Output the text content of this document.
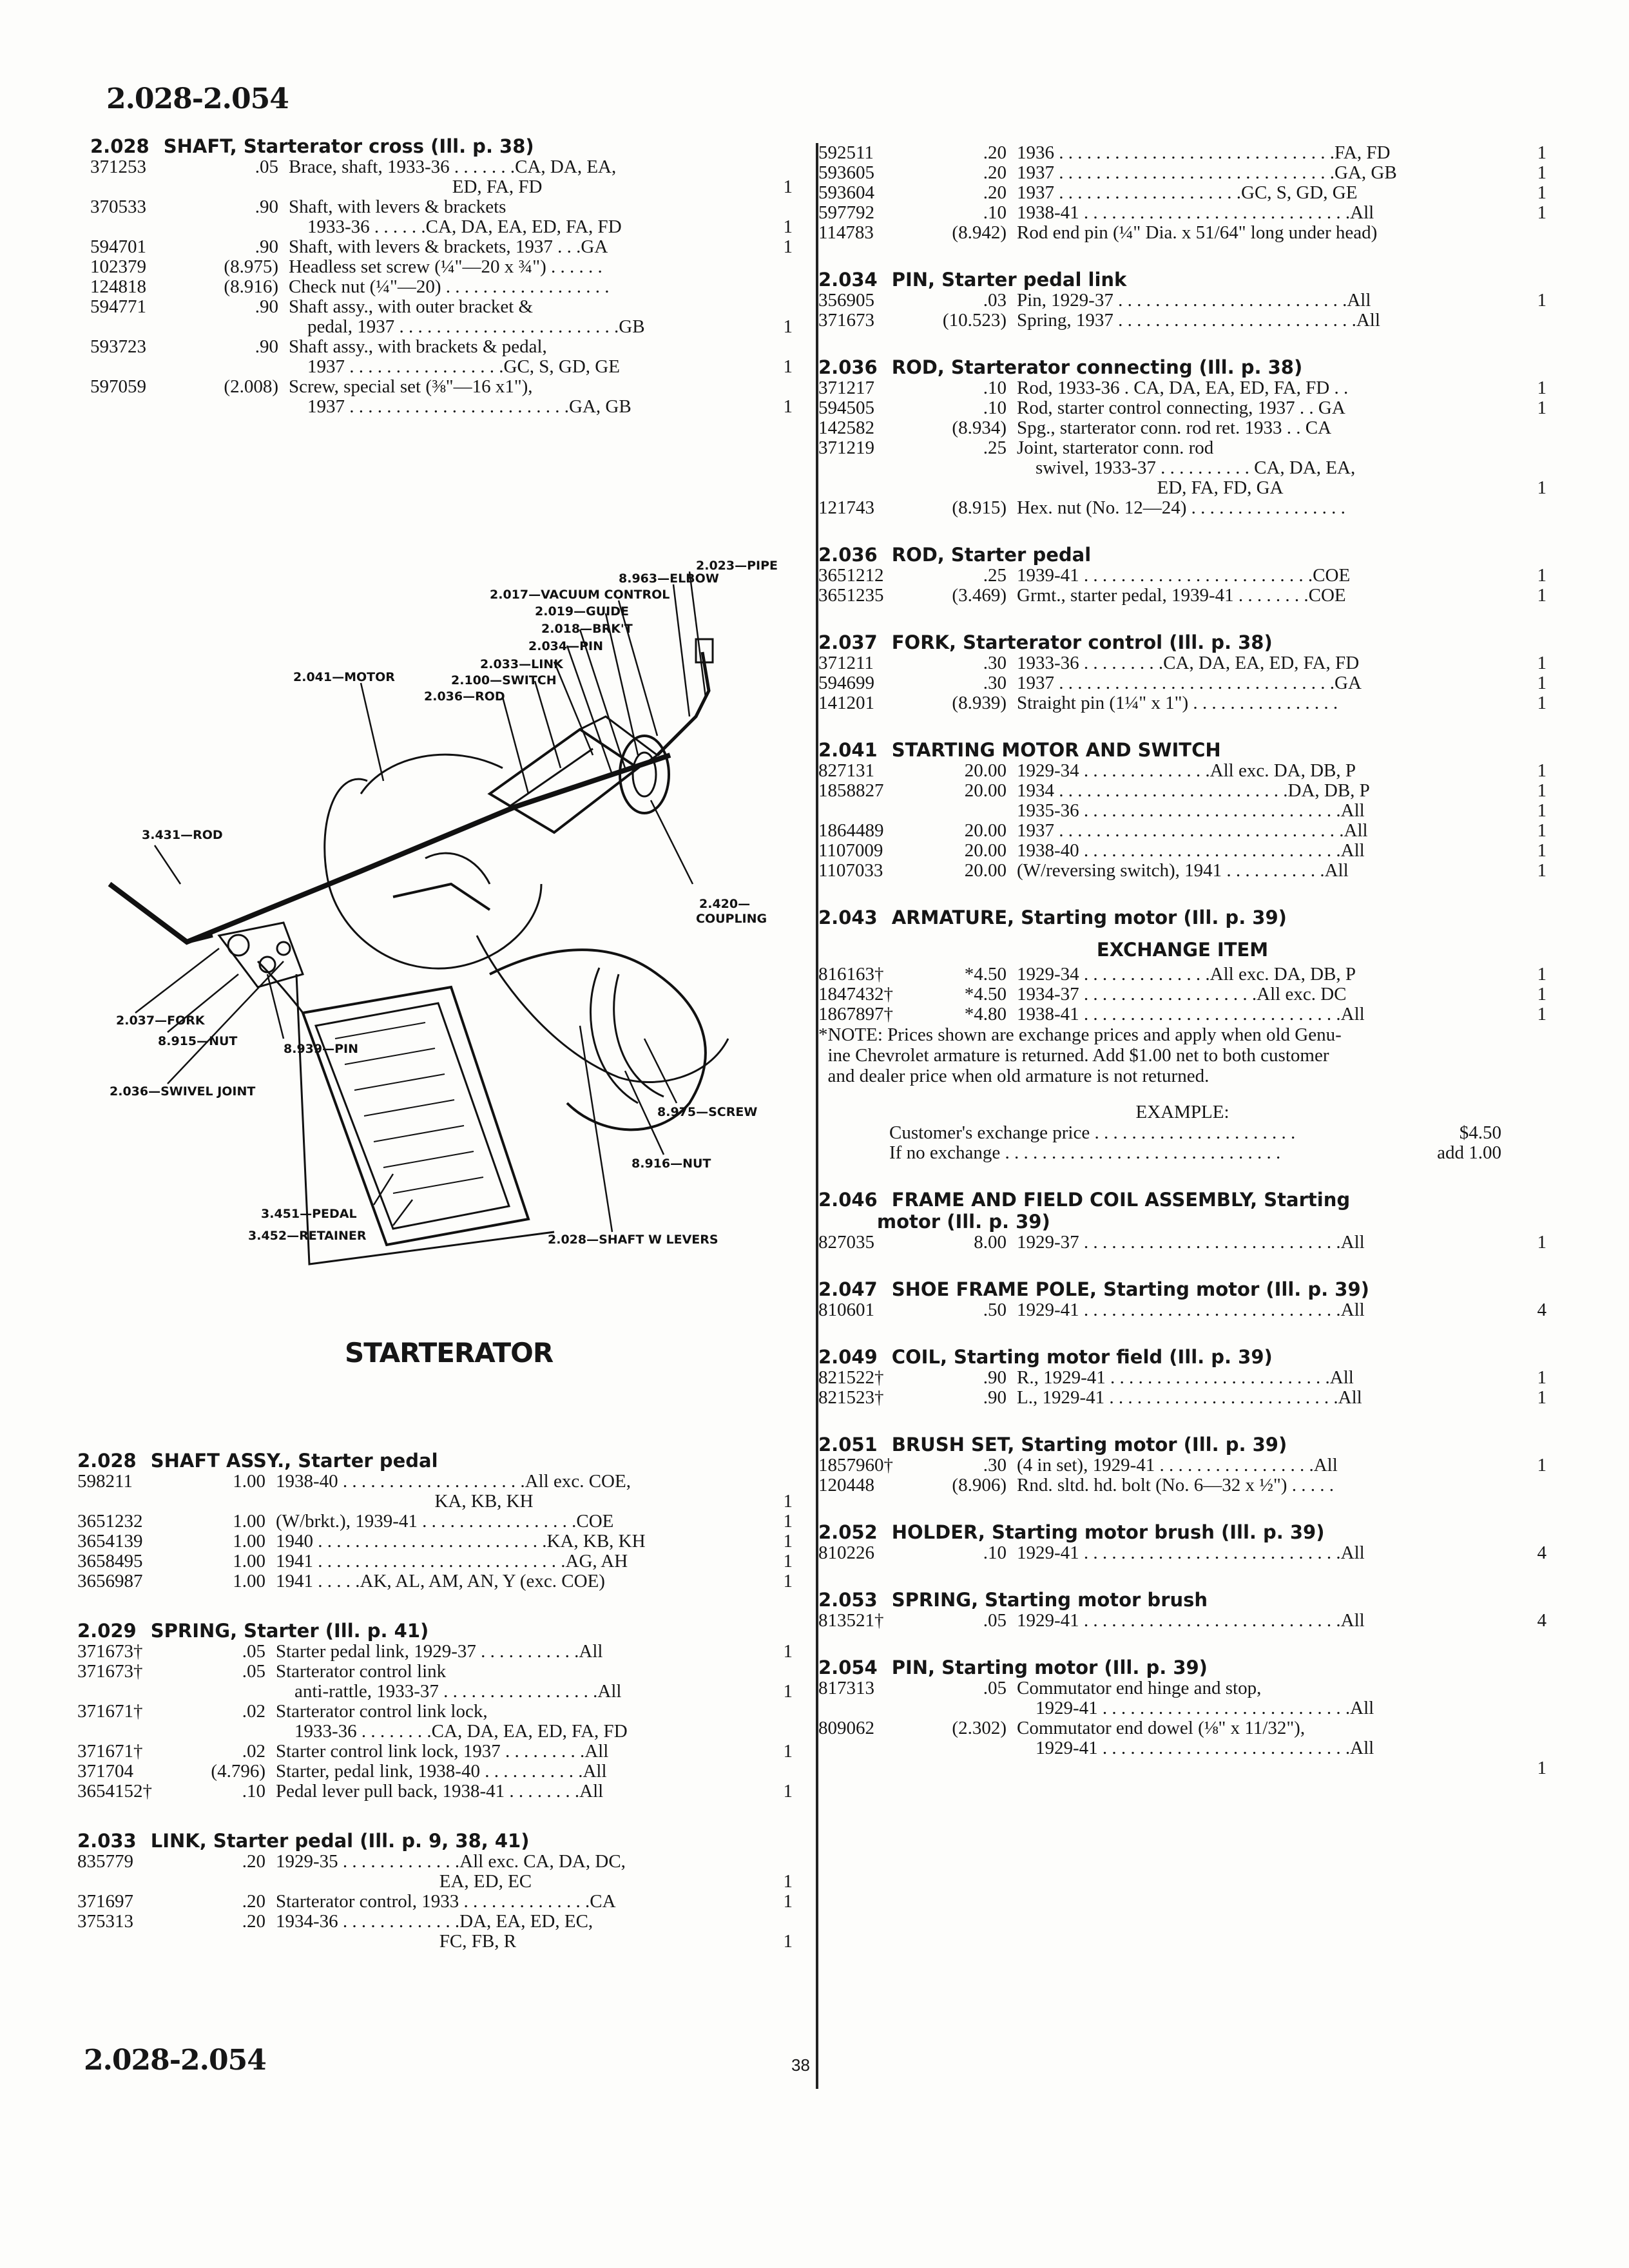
2.028-2.054
2.028-2.054	38
2.028 SHAFT, Starterator cross (Ill. p. 38)
371253	.05 Brace, shaft, 1933-36 . . . . . . .CA, DA, EA,
ED, FA, FD	
1
370533	.90 Shaft, with levers & brackets
1933-36 . . . . . .CA, DA, EA, ED, FA, FD	
1
594701	.90 Shaft, with levers & brackets, 1937 . . .GA	1
102379	(8.975) Headless set screw (¼"—20 x ¾") . . . . . .
124818	(8.916) Check nut (¼"—20) . . . . . . . . . . . . . . . . . .
594771	.90 Shaft assy., with outer bracket &
pedal, 1937 . . . . . . . . . . . . . . . . . . . . . . . .GB	
1
593723	.90 Shaft assy., with brackets & pedal,
1937 . . . . . . . . . . . . . . . . .GC, S, GD, GE	
1
597059	(2.008) Screw, special set (⅜"—16 x1"),
1937 . . . . . . . . . . . . . . . . . . . . . . . .GA, GB	
1
2.023—PIPE
8.963—ELBOW
2.017—VACUUM CONTROL
2.019—GUIDE
2.018—BRK'T
2.034—PIN
2.041—MOTOR
2.033—LINK
2.100—SWITCH
2.036—ROD
3.431—ROD
2.420—
COUPLING
2.037—FORK
8.915—NUT
8.939—PIN
2.036—SWIVEL JOINT
8.975—SCREW
8.916—NUT
3.451—PEDAL
3.452—RETAINER	2.028—SHAFT W LEVERS
STARTERATOR
2.028 SHAFT ASSY., Starter pedal
598211	1.00 1938-40 . . . . . . . . . . . . . . . . . . . .All exc. COE,
KA, KB, KH	
1
3651232	1.00 (W/brkt.), 1939-41 . . . . . . . . . . . . . . . . .COE	1
3654139	1.00 1940 . . . . . . . . . . . . . . . . . . . . . . . . .KA, KB, KH	1
3658495	1.00 1941 . . . . . . . . . . . . . . . . . . . . . . . . . . .AG, AH	1
3656987	1.00 1941 . . . . .AK, AL, AM, AN, Y (exc. COE)	1
2.029 SPRING, Starter (Ill. p. 41)
371673†	.05 Starter pedal link, 1929-37 . . . . . . . . . . .All	1
371673†	.05 Starterator control link
anti-rattle, 1933-37 . . . . . . . . . . . . . . . . .All	
1
371671†	.02 Starterator control link lock,
1933-36 . . . . . . . .CA, DA, EA, ED, FA, FD
371671†	.02 Starter control link lock, 1937 . . . . . . . . .All	1
371704	(4.796) Starter, pedal link, 1938-40 . . . . . . . . . . .All
3654152†	.10 Pedal lever pull back, 1938-41 . . . . . . . .All	1
2.033 LINK, Starter pedal (Ill. p. 9, 38, 41)
835779	.20 1929-35 . . . . . . . . . . . . .All exc. CA, DA, DC,
EA, ED, EC	
1
371697	.20 Starterator control, 1933 . . . . . . . . . . . . . .CA	1
375313	.20 1934-36 . . . . . . . . . . . . .DA, EA, ED, EC,
FC, FB, R	
1
592511	.20 1936 . . . . . . . . . . . . . . . . . . . . . . . . . . . . . .FA, FD	1
593605	.20 1937 . . . . . . . . . . . . . . . . . . . . . . . . . . . . . .GA, GB	1
593604	.20 1937 . . . . . . . . . . . . . . . . . . . .GC, S, GD, GE	1
597792	.10 1938-41 . . . . . . . . . . . . . . . . . . . . . . . . . . . . .All	1
114783	(8.942) Rod end pin (¼" Dia. x 51/64" long under head)
2.034 PIN, Starter pedal link
356905	.03 Pin, 1929-37 . . . . . . . . . . . . . . . . . . . . . . . . .All	1
371673	(10.523) Spring, 1937 . . . . . . . . . . . . . . . . . . . . . . . . . .All
2.036 ROD, Starterator connecting (Ill. p. 38)
371217	.10 Rod, 1933-36 . CA, DA, EA, ED, FA, FD . .	1
594505	.10 Rod, starter control connecting, 1937 . . GA	1
142582	(8.934) Spg., starterator conn. rod ret. 1933 . . CA
371219	.25 Joint, starterator conn. rod
swivel, 1933-37 . . . . . . . . . . CA, DA, EA,
ED, FA, FD, GA	

1
121743	(8.915) Hex. nut (No. 12—24) . . . . . . . . . . . . . . . . .
2.036 ROD, Starter pedal
3651212	.25 1939-41 . . . . . . . . . . . . . . . . . . . . . . . . .COE	1
3651235	(3.469) Grmt., starter pedal, 1939-41 . . . . . . . .COE	1
2.037 FORK, Starterator control (Ill. p. 38)
371211	.30 1933-36 . . . . . . . . .CA, DA, EA, ED, FA, FD	1
594699	.30 1937 . . . . . . . . . . . . . . . . . . . . . . . . . . . . . .GA	1
141201	(8.939) Straight pin (1¼" x 1") . . . . . . . . . . . . . . . .	1
2.041 STARTING MOTOR AND SWITCH
827131	20.00 1929-34 . . . . . . . . . . . . . .All exc. DA, DB, P	1
1858827	20.00 1934 . . . . . . . . . . . . . . . . . . . . . . . . .DA, DB, P	1
1935-36 . . . . . . . . . . . . . . . . . . . . . . . . . . . .All	1
1864489	20.00 1937 . . . . . . . . . . . . . . . . . . . . . . . . . . . . . . .All	1
1107009	20.00 1938-40 . . . . . . . . . . . . . . . . . . . . . . . . . . . .All	1
1107033	20.00 (W/reversing switch), 1941 . . . . . . . . . . .All	1
2.043 ARMATURE, Starting motor (Ill. p. 39)
EXCHANGE ITEM
816163†	*4.50 1929-34 . . . . . . . . . . . . . .All exc. DA, DB, P	1
1847432†	*4.50 1934-37 . . . . . . . . . . . . . . . . . . .All exc. DC	1
1867897†	*4.80 1938-41 . . . . . . . . . . . . . . . . . . . . . . . . . . . .All	1
*NOTE: Prices shown are exchange prices and apply when old Genu-
ine Chevrolet armature is returned. Add $1.00 net to both customer
and dealer price when old armature is not returned.
EXAMPLE:
Customer's exchange price . . . . . . . . . . . . . . . . . . . . . .	$4.50
If no exchange . . . . . . . . . . . . . . . . . . . . . . . . . . . . . .	add 1.00
2.046 FRAME AND FIELD COIL ASSEMBLY, Starting
motor (Ill. p. 39)
827035	8.00 1929-37 . . . . . . . . . . . . . . . . . . . . . . . . . . . .All	1
2.047 SHOE FRAME POLE, Starting motor (Ill. p. 39)
810601	.50 1929-41 . . . . . . . . . . . . . . . . . . . . . . . . . . . .All	4
2.049 COIL, Starting motor field (Ill. p. 39)
821522†	.90 R., 1929-41 . . . . . . . . . . . . . . . . . . . . . . . .All	1
821523†	.90 L., 1929-41 . . . . . . . . . . . . . . . . . . . . . . . . .All	1
2.051 BRUSH SET, Starting motor (Ill. p. 39)
1857960†	.30 (4 in set), 1929-41 . . . . . . . . . . . . . . . . .All	1
120448	(8.906) Rnd. sltd. hd. bolt (No. 6—32 x ½") . . . . .
2.052 HOLDER, Starting motor brush (Ill. p. 39)
810226	.10 1929-41 . . . . . . . . . . . . . . . . . . . . . . . . . . . .All	4
2.053 SPRING, Starting motor brush
813521†	.05 1929-41 . . . . . . . . . . . . . . . . . . . . . . . . . . . .All	4
2.054 PIN, Starting motor (Ill. p. 39)
817313	.05 Commutator end hinge and stop,
1929-41 . . . . . . . . . . . . . . . . . . . . . . . . . . .All
809062	(2.302) Commutator end dowel (⅛" x 11/32"),
1929-41 . . . . . . . . . . . . . . . . . . . . . . . . . . .All

1
